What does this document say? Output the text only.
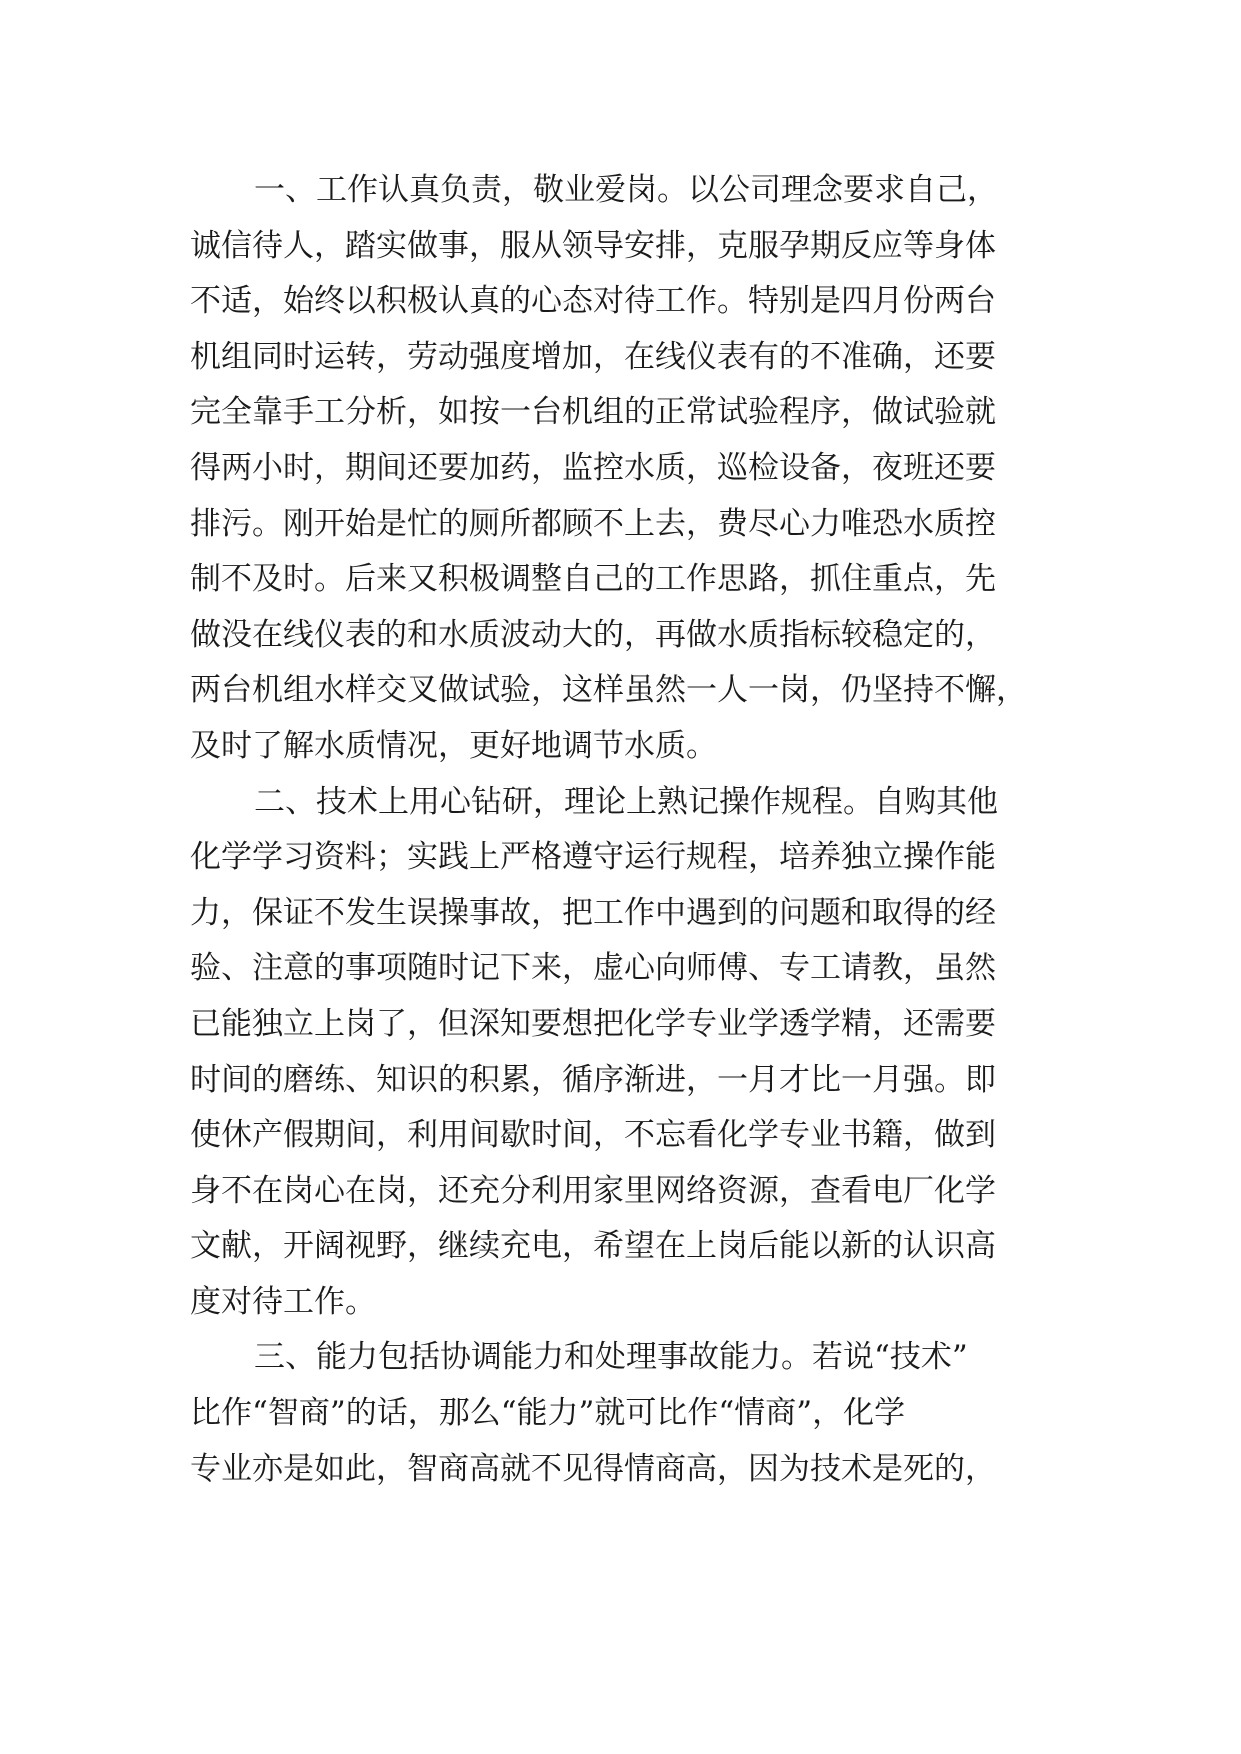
一、工作认真负责，敬业爱岗。以公司理念要求自己，
诚信待人，踏实做事，服从领导安排，克服孕期反应等身体
不适，始终以积极认真的心态对待工作。特别是四月份两台
机组同时运转，劳动强度增加，在线仪表有的不准确，还要
完全靠手工分析，如按一台机组的正常试验程序，做试验就
得两小时，期间还要加药，监控水质，巡检设备，夜班还要
排污。刚开始是忙的厕所都顾不上去，费尽心力唯恐水质控
制不及时。后来又积极调整自己的工作思路，抓住重点，先
做没在线仪表的和水质波动大的，再做水质指标较稳定的，
两台机组水样交叉做试验，这样虽然一人一岗，仍坚持不懈，
及时了解水质情况，更好地调节水质。
二、技术上用心钻研，理论上熟记操作规程。自购其他
化学学习资料；实践上严格遵守运行规程，培养独立操作能
力，保证不发生误操事故，把工作中遇到的问题和取得的经
验、注意的事项随时记下来，虚心向师傅、专工请教，虽然
已能独立上岗了，但深知要想把化学专业学透学精，还需要
时间的磨练、知识的积累，循序渐进，一月才比一月强。即
使休产假期间，利用间歇时间，不忘看化学专业书籍，做到
身不在岗心在岗，还充分利用家里网络资源，查看电厂化学
文献，开阔视野，继续充电，希望在上岗后能以新的认识高
度对待工作。
三、能力包括协调能力和处理事故能力。若说“技术”
比作“智商”的话，那么“能力”就可比作“情商”，化学
专业亦是如此，智商高就不见得情商高，因为技术是死的，
